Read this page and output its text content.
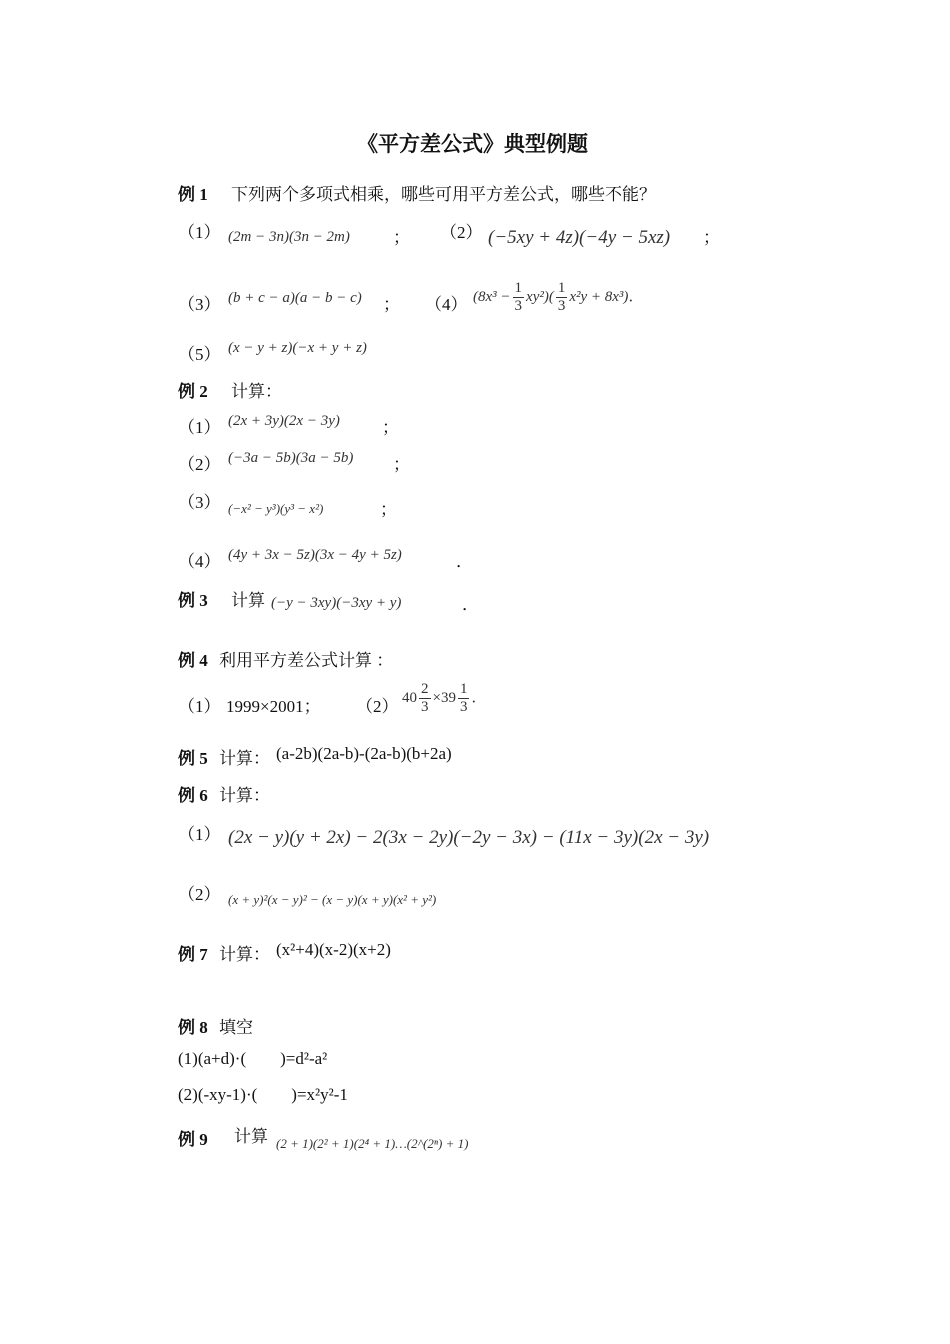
《平方差公式》典型例题
例 1 下列两个多项式相乘，哪些可用平方差公式，哪些不能？
（1） (2m − 3n)(3n − 2m)	； （2） (−5xy + 4z)(−4y − 5xz) ；
（3） (b + c − a)(a − b − c) ； （4） $(8x^3 - \frac{1}{3} xy^2)( \frac{1}{3} x^2y + 8x^3)$．
（5） (x − y + z)(−x + y + z)
例 2 计算：
（1） (2x + 3y)(2x − 3y) ；
（2） (−3a − 5b)(3a − 5b) ；
（3） (−x² − y³)(y³ − x²)	；
（4） (4y + 3x − 5z)(3x − 4y + 5z)	．
例 3 计算 (−y − 3xy)(−3xy + y)	．
例 4 利用平方差公式计算 ：
（1） 1999×2001； （2） $40 \frac{2}{3} \times 39 \frac{1}{3}$ ．
例 5 计算： (a-2b)(2a-b)-(2a-b)(b+2a)
例 6 计算：
（1） (2x − y)(y + 2x) − 2(3x − 2y)(−2y − 3x) − (11x − 3y)(2x − 3y)
（2） (x + y)²(x − y)² − (x − y)(x + y)(x² + y²)
例 7 计算： (x²+4)(x-2)(x+2)
例 8 填空
(1)(a+d)·(        )=d²-a²
(2)(-xy-1)·(        )=x²y²-1
例 9 计算 (2 + 1)(2² + 1)(2⁴ + 1)…(2^(2ⁿ) + 1)
